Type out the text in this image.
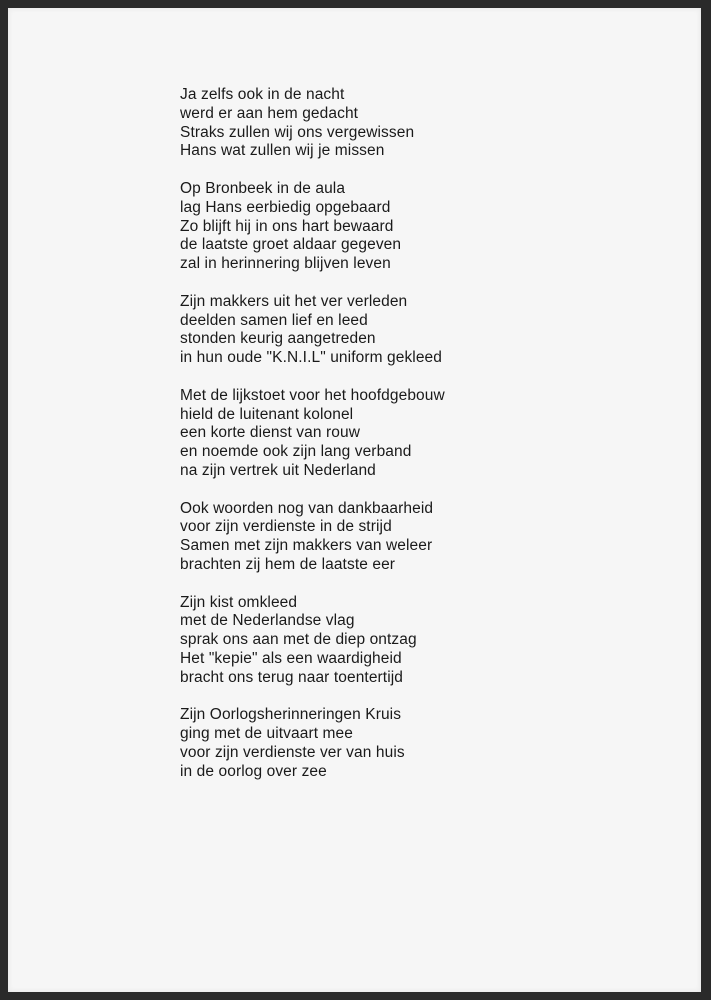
Ja zelfs ook in de nacht
werd er aan hem gedacht
Straks zullen wij ons vergewissen
Hans wat zullen wij je missen
Op Bronbeek in de aula
lag Hans eerbiedig opgebaard
Zo blijft hij in ons hart bewaard
de laatste groet aldaar gegeven
zal in herinnering blijven leven
Zijn makkers uit het ver verleden
deelden samen lief en leed
stonden keurig aangetreden
in hun oude "K.N.I.L" uniform gekleed
Met de lijkstoet voor het hoofdgebouw
hield de luitenant kolonel
een korte dienst van rouw
en noemde ook zijn lang verband
na zijn vertrek uit Nederland
Ook woorden nog van dankbaarheid
voor zijn verdienste in de strijd
Samen met zijn makkers van weleer
brachten zij hem de laatste eer
Zijn kist omkleed
met de Nederlandse vlag
sprak ons aan met de diep ontzag
Het "kepie" als een waardigheid
bracht ons terug naar toentertijd
Zijn Oorlogsherinneringen Kruis
ging met de uitvaart mee
voor zijn verdienste ver van huis
in de oorlog over zee
